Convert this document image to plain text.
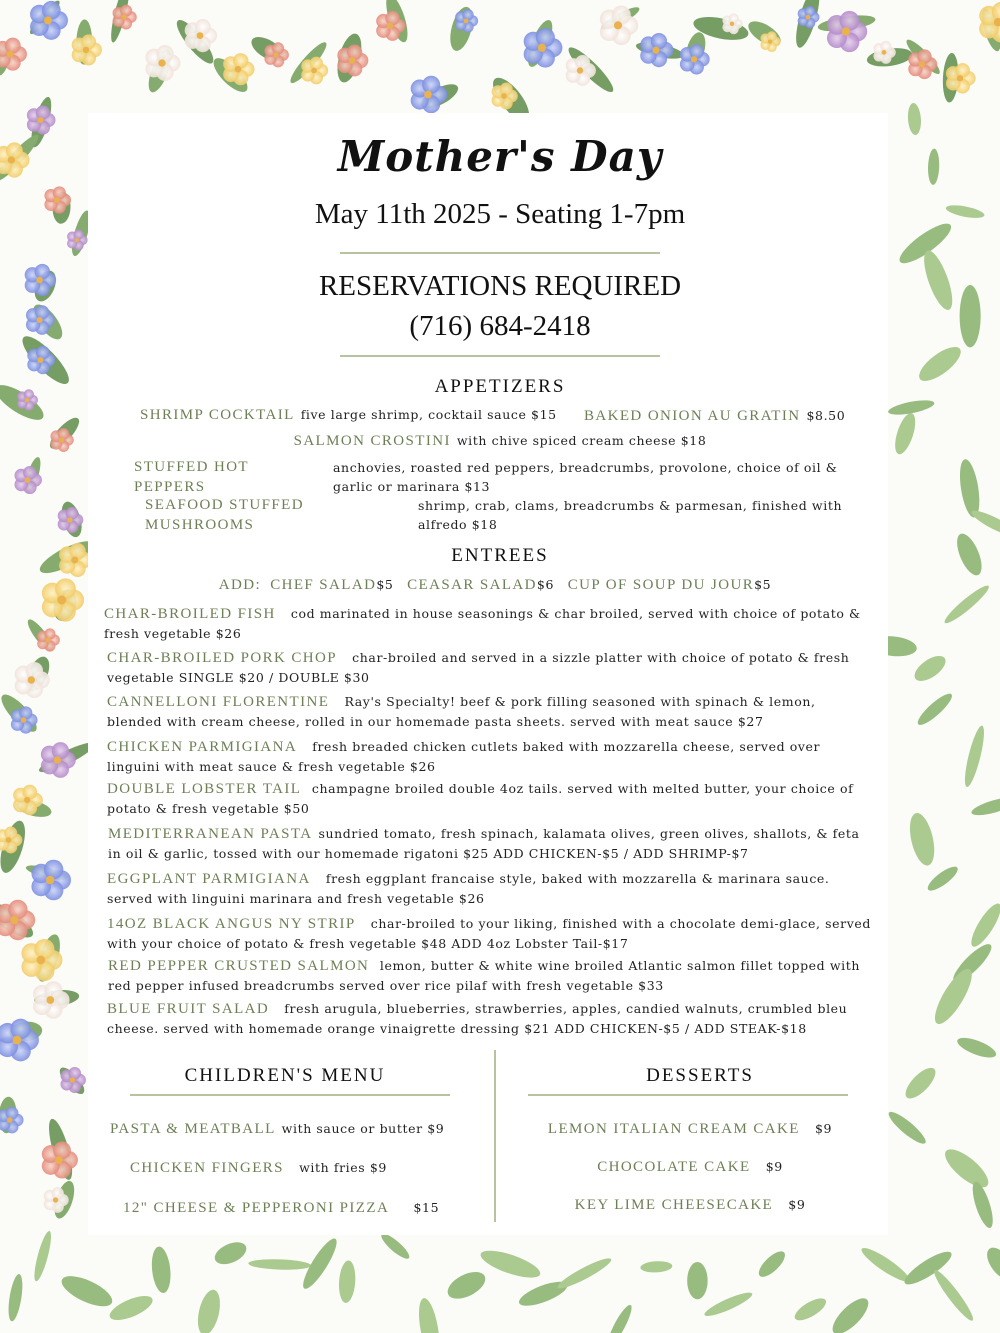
Mother's Day
May 11th 2025 - Seating 1-7pm
RESERVATIONS REQUIRED
(716) 684-2418
APPETIZERS
SHRIMP COCKTAIL five large shrimp, cocktail sauce $15	BAKED ONION AU GRATIN $8.50
SALMON CROSTINI with chive spiced cream cheese $18
STUFFED HOT PEPPERS
anchovies, roasted red peppers, breadcrumbs, provolone, choice of oil & garlic or marinara $13
SEAFOOD STUFFED MUSHROOMS
shrimp, crab, clams, breadcrumbs & parmesan, finished with alfredo $18
ENTREES
ADD: CHEF SALAD$5 CEASAR SALAD$6 CUP OF SOUP DU JOUR$5
CHAR-BROILED FISH cod marinated in house seasonings & char broiled, served with choice of potato & fresh vegetable $26
CHAR-BROILED PORK CHOP char-broiled and served in a sizzle platter with choice of potato & fresh vegetable SINGLE $20 / DOUBLE $30
CANNELLONI FLORENTINE Ray's Specialty! beef & pork filling seasoned with spinach & lemon, blended with cream cheese, rolled in our homemade pasta sheets. served with meat sauce $27
CHICKEN PARMIGIANA fresh breaded chicken cutlets baked with mozzarella cheese, served over linguini with meat sauce & fresh vegetable $26
DOUBLE LOBSTER TAIL champagne broiled double 4oz tails. served with melted butter, your choice of potato & fresh vegetable $50
MEDITERRANEAN PASTA sundried tomato, fresh spinach, kalamata olives, green olives, shallots, & feta in oil & garlic, tossed with our homemade rigatoni $25 ADD CHICKEN-$5 / ADD SHRIMP-$7
EGGPLANT PARMIGIANA fresh eggplant francaise style, baked with mozzarella & marinara sauce. served with linguini marinara and fresh vegetable $26
14OZ BLACK ANGUS NY STRIP char-broiled to your liking, finished with a chocolate demi-glace, served with your choice of potato & fresh vegetable $48 ADD 4oz Lobster Tail-$17
RED PEPPER CRUSTED SALMON lemon, butter & white wine broiled Atlantic salmon fillet topped with red pepper infused breadcrumbs served over rice pilaf with fresh vegetable $33
BLUE FRUIT SALAD fresh arugula, blueberries, strawberries, apples, candied walnuts, crumbled bleu cheese. served with homemade orange vinaigrette dressing $21 ADD CHICKEN-$5 / ADD STEAK-$18
CHILDREN'S MENU
PASTA & MEATBALL with sauce or butter $9
CHICKEN FINGERS with fries $9
12" CHEESE & PEPPERONI PIZZA $15
DESSERTS
LEMON ITALIAN CREAM CAKE $9
CHOCOLATE CAKE $9
KEY LIME CHEESECAKE $9
